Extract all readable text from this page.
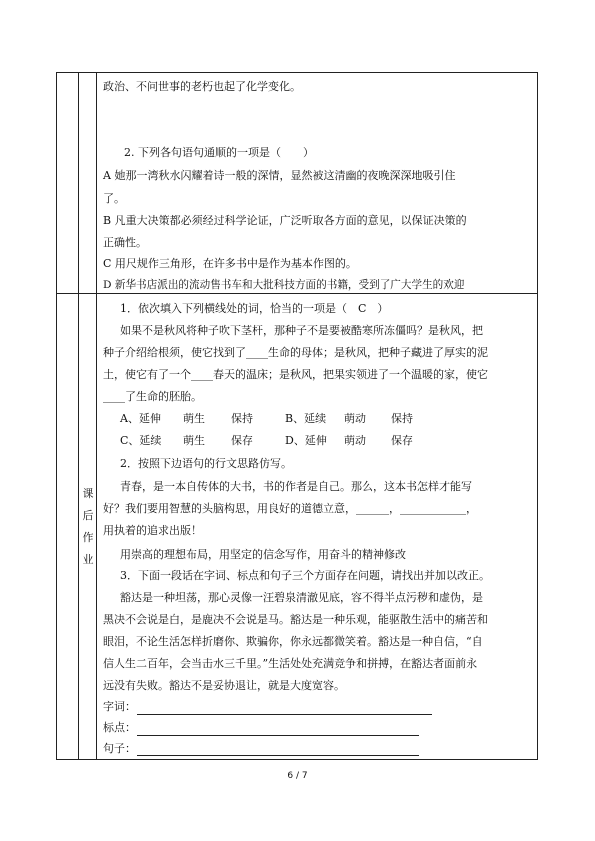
课
后
作
业
政治、不问世事的老朽也起了化学变化。
2. 下列各句语句通顺的一项是（　　）
A 她那一湾秋水闪耀着诗一般的深情，显然被这清幽的夜晚深深地吸引住
了。
B 凡重大决策都必须经过科学论证，广泛听取各方面的意见，以保证决策的
正确性。
C 用尺规作三角形，在许多书中是作为基本作图的。
D 新华书店派出的流动售书车和大批科技方面的书籍，受到了广大学生的欢迎
1．依次填入下列横线处的词，恰当的一项是（　C　）
如果不是秋风将种子吹下茎杆，那种子不是要被酷寒所冻僵吗？是秋风，把
种子介绍给根须，使它找到了____生命的母体；是秋风，把种子藏进了厚实的泥
土，使它有了一个____春天的温床；是秋风，把果实领进了一个温暖的家，使它
____了生命的胚胎。
A、延伸 萌生 保持	B、延续 萌动 保持
C、延续 萌生 保存	D、延伸 萌动 保存
2．按照下边语句的行文思路仿写。
青春，是一本自传体的大书，书的作者是自己。那么，这本书怎样才能写
好？我们要用智慧的头脑构思，用良好的道德立意，______，____________，
用执着的追求出版！
用崇高的理想布局，用坚定的信念写作，用奋斗的精神修改
3．下面一段话在字词、标点和句子三个方面存在问题，请找出并加以改正。
豁达是一种坦荡，那心灵像一汪碧泉清澈见底，容不得半点污秽和虚伪，是
黑决不会说是白，是鹿决不会说是马。豁达是一种乐观，能驱散生活中的痛苦和
眼泪，不论生活怎样折磨你、欺骗你，你永远都微笑着。豁达是一种自信，“自
信人生二百年，会当击水三千里。”生活处处充满竞争和拼搏，在豁达者面前永
远没有失败。豁达不是妥协退让，就是大度宽容。
字词：
标点：
句子：
6 / 7
